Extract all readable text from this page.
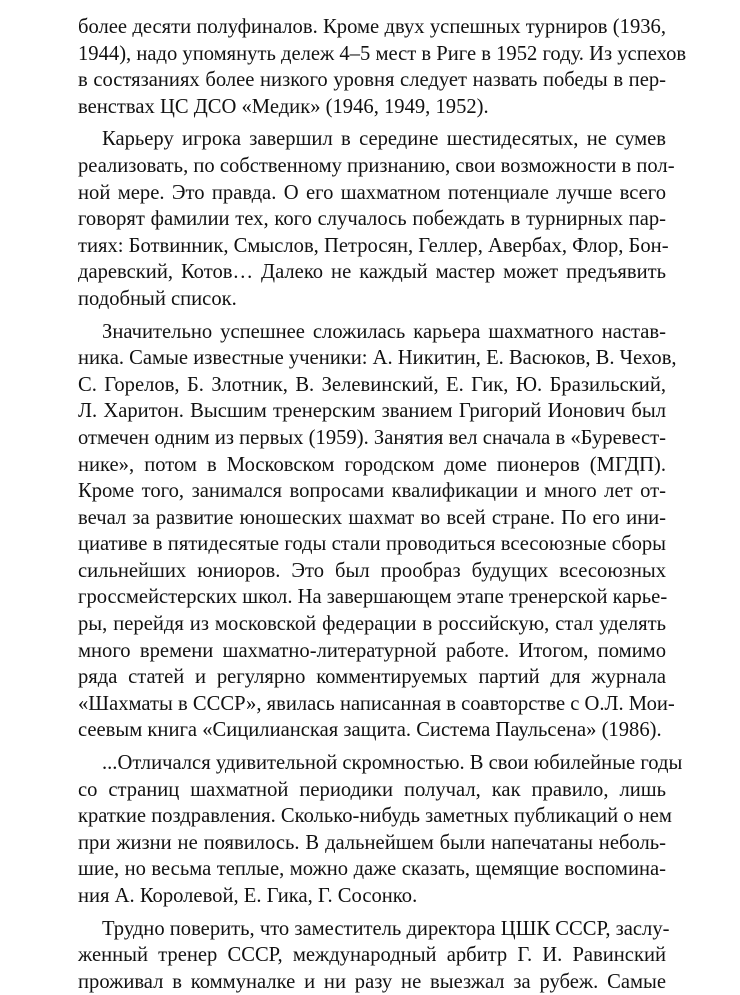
более десяти полуфиналов. Кроме двух успешных турниров (1936,
1944), надо упомянуть дележ 4–5 мест в Риге в 1952 году. Из успехов
в состязаниях более низкого уровня следует назвать победы в пер-
венствах ЦС ДСО «Медик» (1946, 1949, 1952).
Карьеру игрока завершил в середине шестидесятых, не сумев
реализовать, по собственному признанию, свои возможности в пол-
ной мере. Это правда. О его шахматном потенциале лучше всего
говорят фамилии тех, кого случалось побеждать в турнирных пар-
тиях: Ботвинник, Смыслов, Петросян, Геллер, Авербах, Флор, Бон-
даревский, Котов… Далеко не каждый мастер может предъявить
подобный список.
Значительно успешнее сложилась карьера шахматного настав-
ника. Самые известные ученики: А. Никитин, Е. Васюков, В. Чехов,
С. Горелов, Б. Злотник, В. Зелевинский, Е. Гик, Ю. Бразильский,
Л. Харитон. Высшим тренерским званием Григорий Ионович был
отмечен одним из первых (1959). Занятия вел сначала в «Буревест-
нике», потом в Московском городском доме пионеров (МГДП).
Кроме того, занимался вопросами квалификации и много лет от-
вечал за развитие юношеских шахмат во всей стране. По его ини-
циативе в пятидесятые годы стали проводиться всесоюзные сборы
сильнейших юниоров. Это был прообраз будущих всесоюзных
гроссмейстерских школ. На завершающем этапе тренерской карье-
ры, перейдя из московской федерации в российскую, стал уделять
много времени шахматно-литературной работе. Итогом, помимо
ряда статей и регулярно комментируемых партий для журнала
«Шахматы в СССР», явилась написанная в соавторстве с О.Л. Мои-
сеевым книга «Сицилианская защита. Система Паульсена» (1986).
...Отличался удивительной скромностью. В свои юбилейные годы
со страниц шахматной периодики получал, как правило, лишь
краткие поздравления. Сколько-нибудь заметных публикаций о нем
при жизни не появилось. В дальнейшем были напечатаны неболь-
шие, но весьма теплые, можно даже сказать, щемящие воспомина-
ния А. Королевой, Е. Гика, Г. Сосонко.
Трудно поверить, что заместитель директора ЦШК СССР, заслу-
женный тренер СССР, международный арбитр Г. И. Равинский
проживал в коммуналке и ни разу не выезжал за рубеж. Самые
